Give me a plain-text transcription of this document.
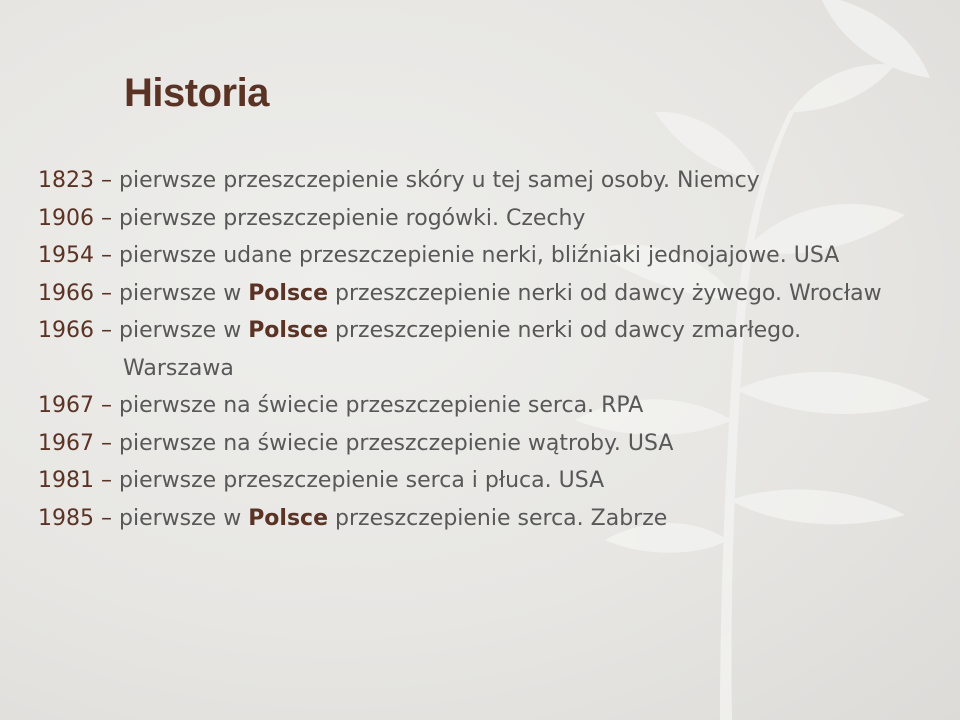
Historia
1823 – pierwsze przeszczepienie skóry u tej samej osoby. Niemcy
1906 – pierwsze przeszczepienie rogówki. Czechy
1954 – pierwsze udane przeszczepienie nerki, bliźniaki jednojajowe. USA
1966 – pierwsze w Polsce przeszczepienie nerki od dawcy żywego. Wrocław
1966 – pierwsze w Polsce przeszczepienie nerki od dawcy zmarłego. Warszawa
1967 – pierwsze na świecie przeszczepienie serca. RPA
1967 – pierwsze na świecie przeszczepienie wątroby. USA
1981 – pierwsze przeszczepienie serca i płuca. USA
1985 – pierwsze w Polsce przeszczepienie serca. Zabrze
